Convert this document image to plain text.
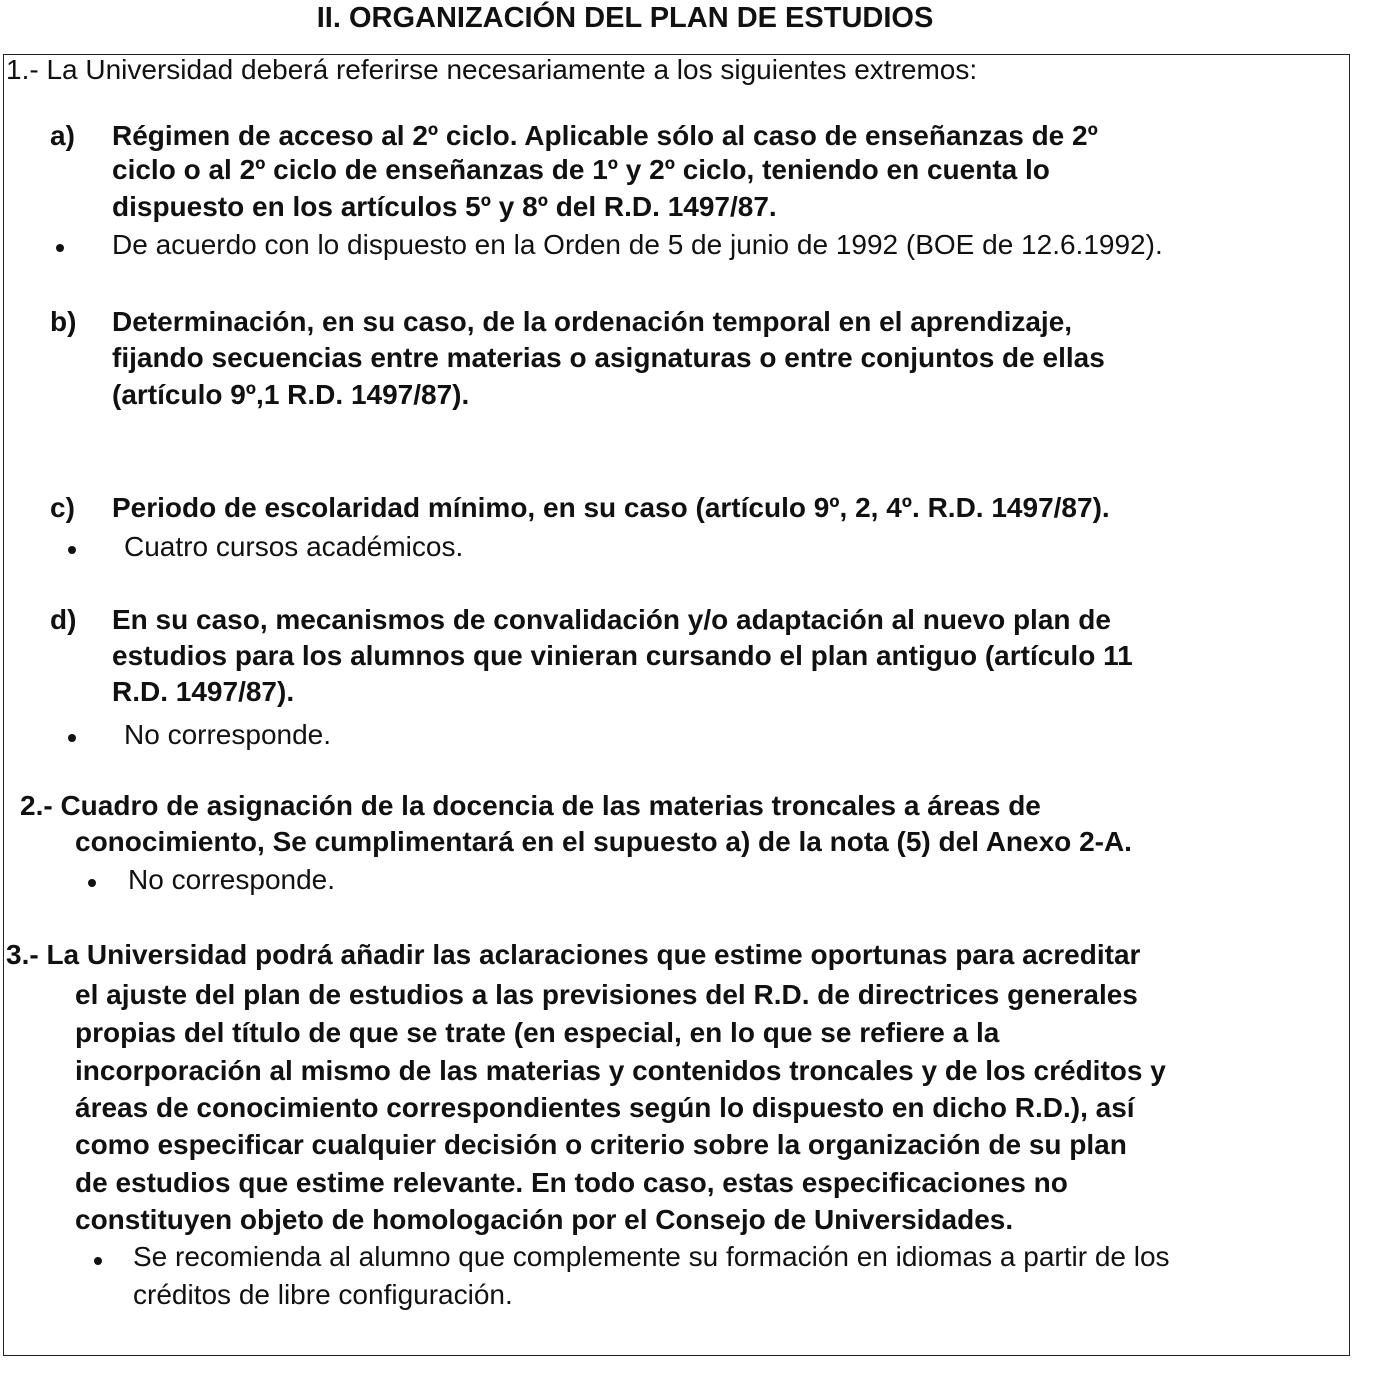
II. ORGANIZACIÓN DEL PLAN DE ESTUDIOS
1.- La Universidad deberá referirse necesariamente a los siguientes extremos:
a) Régimen de acceso al 2º ciclo. Aplicable sólo al caso de enseñanzas de 2º
ciclo o al 2º ciclo de enseñanzas de 1º y 2º ciclo, teniendo en cuenta lo
dispuesto en los artículos 5º y 8º del R.D. 1497/87.
De acuerdo con lo dispuesto en la Orden de 5 de junio de 1992 (BOE de 12.6.1992).
b) Determinación, en su caso, de la ordenación temporal en el aprendizaje,
fijando secuencias entre materias o asignaturas o entre conjuntos de ellas
(artículo 9º,1 R.D. 1497/87).
c) Periodo de escolaridad mínimo, en su caso (artículo 9º, 2, 4º. R.D. 1497/87).
Cuatro cursos académicos.
d) En su caso, mecanismos de convalidación y/o adaptación al nuevo plan de
estudios para los alumnos que vinieran cursando el plan antiguo (artículo 11
R.D. 1497/87).
No corresponde.
2.- Cuadro de asignación de la docencia de las materias troncales a áreas de
conocimiento, Se cumplimentará en el supuesto a) de la nota (5) del Anexo 2-A.
No corresponde.
3.- La Universidad podrá añadir las aclaraciones que estime oportunas para acreditar
el ajuste del plan de estudios a las previsiones del R.D. de directrices generales
propias del título de que se trate (en especial, en lo que se refiere a la
incorporación al mismo de las materias y contenidos troncales y de los créditos y
áreas de conocimiento correspondientes según lo dispuesto en dicho R.D.), así
como especificar cualquier decisión o criterio sobre la organización de su plan
de estudios que estime relevante. En todo caso, estas especificaciones no
constituyen objeto de homologación por el Consejo de Universidades.
Se recomienda al alumno que complemente su formación en idiomas a partir de los
créditos de libre configuración.
